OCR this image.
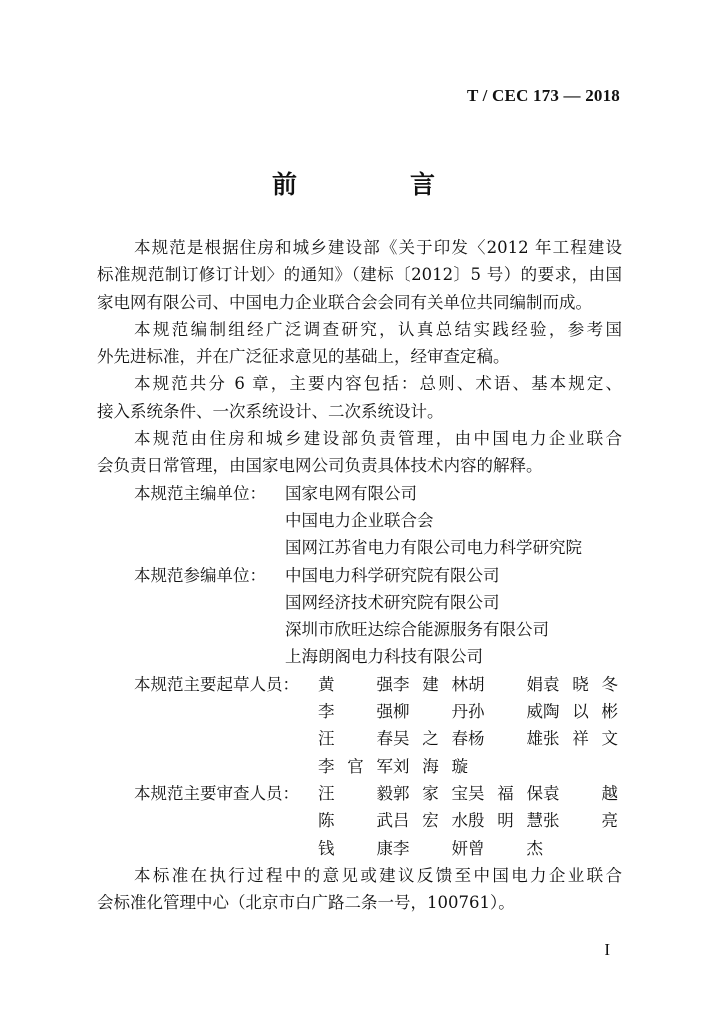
T / CEC 173 — 2018
前　言

本规范是根据住房和城乡建设部《关于印发〈2012 年工程建设

标准规范制订修订计划〉的通知》（建标〔2012〕5 号）的要求，由国

家电网有限公司、中国电力企业联合会会同有关单位共同编制而成。

本规范编制组经广泛调查研究，认真总结实践经验，参考国

外先进标准，并在广泛征求意见的基础上，经审查定稿。

本规范共分 6 章，主要内容包括：总则、术语、基本规定、

接入系统条件、一次系统设计、二次系统设计。

本规范由住房和城乡建设部负责管理，由中国电力企业联合

会负责日常管理，由国家电网公司负责具体技术内容的解释。

本规范主编单位：	国家电网有限公司
中国电力企业联合会
国网江苏省电力有限公司电力科学研究院
本规范参编单位：	中国电力科学研究院有限公司
国网经济技术研究院有限公司
深圳市欣旺达综合能源服务有限公司
上海朗阁电力科技有限公司
本规范主要起草人员：	黄　强 李建林 胡　娟 袁晓冬
李　强 柳　丹 孙　威 陶以彬
汪　春 吴之春 杨　雄 张祥文
李官军 刘海璇
本规范主要审查人员：	汪　毅 郭家宝 吴福保 袁　越
陈　武 吕宏水 殷明慧 张　亮
钱　康 李　妍 曾　杰

本标准在执行过程中的意见或建议反馈至中国电力企业联合

会标准化管理中心（北京市白广路二条一号，100761）。

I
